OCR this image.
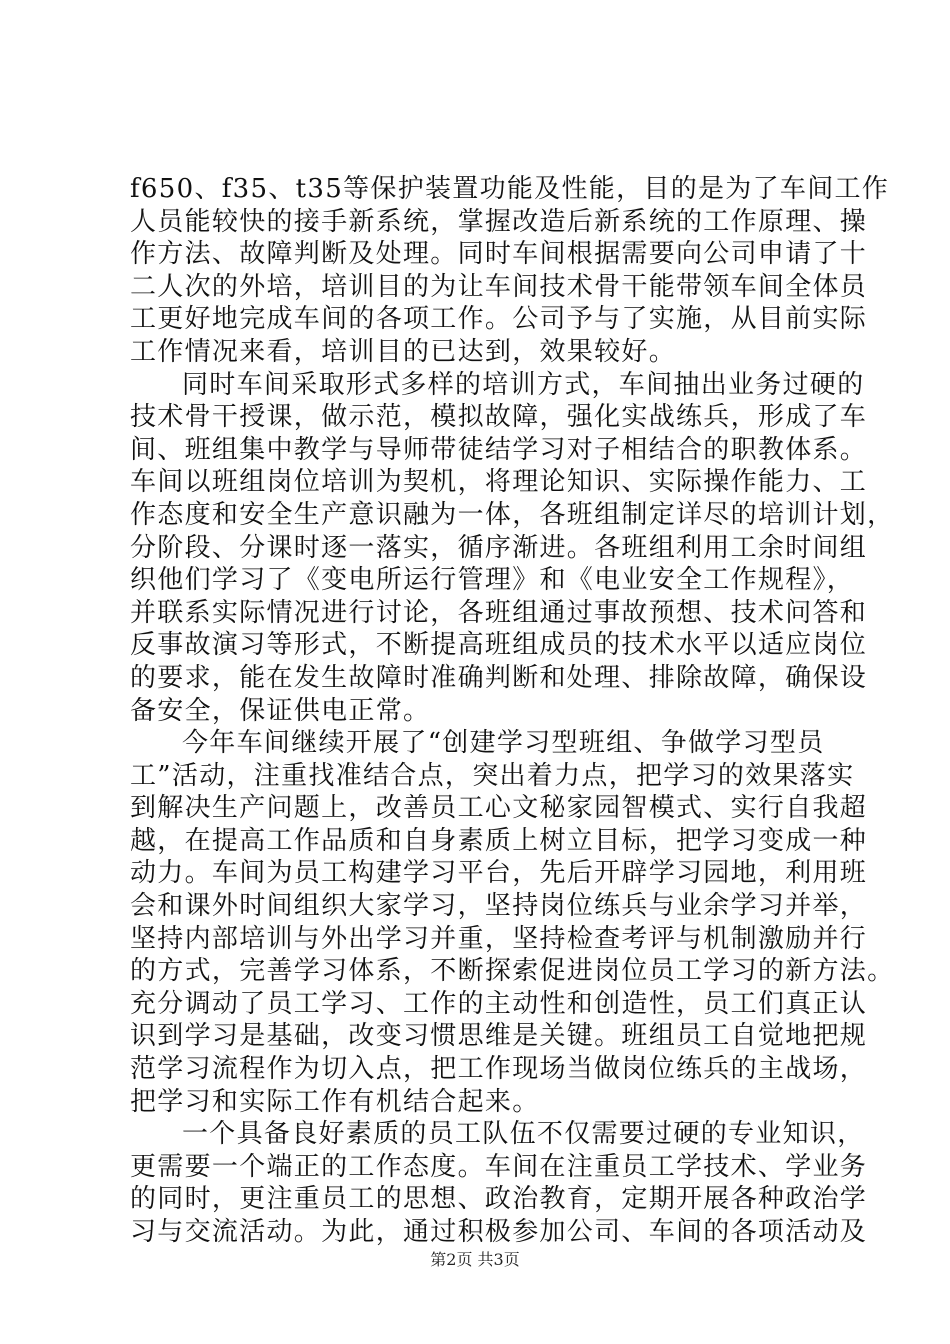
f650、f35、t35等保护装置功能及性能，目的是为了车间工作
人员能较快的接手新系统，掌握改造后新系统的工作原理、操
作方法、故障判断及处理。同时车间根据需要向公司申请了十
二人次的外培，培训目的为让车间技术骨干能带领车间全体员
工更好地完成车间的各项工作。公司予与了实施，从目前实际
工作情况来看，培训目的已达到，效果较好。
同时车间采取形式多样的培训方式，车间抽出业务过硬的
技术骨干授课，做示范，模拟故障，强化实战练兵，形成了车
间、班组集中教学与导师带徒结学习对子相结合的职教体系。
车间以班组岗位培训为契机，将理论知识、实际操作能力、工
作态度和安全生产意识融为一体，各班组制定详尽的培训计划，
分阶段、分课时逐一落实，循序渐进。各班组利用工余时间组
织他们学习了《变电所运行管理》和《电业安全工作规程》，
并联系实际情况进行讨论，各班组通过事故预想、技术问答和
反事故演习等形式，不断提高班组成员的技术水平以适应岗位
的要求，能在发生故障时准确判断和处理、排除故障，确保设
备安全，保证供电正常。
今年车间继续开展了“创建学习型班组、争做学习型员
工”活动，注重找准结合点，突出着力点，把学习的效果落实
到解决生产问题上，改善员工心文秘家园智模式、实行自我超
越，在提高工作品质和自身素质上树立目标，把学习变成一种
动力。车间为员工构建学习平台，先后开辟学习园地，利用班
会和课外时间组织大家学习，坚持岗位练兵与业余学习并举，
坚持内部培训与外出学习并重，坚持检查考评与机制激励并行
的方式，完善学习体系，不断探索促进岗位员工学习的新方法。
充分调动了员工学习、工作的主动性和创造性，员工们真正认
识到学习是基础，改变习惯思维是关键。班组员工自觉地把规
范学习流程作为切入点，把工作现场当做岗位练兵的主战场，
把学习和实际工作有机结合起来。
一个具备良好素质的员工队伍不仅需要过硬的专业知识，
更需要一个端正的工作态度。车间在注重员工学技术、学业务
的同时，更注重员工的思想、政治教育，定期开展各种政治学
习与交流活动。为此，通过积极参加公司、车间的各项活动及
第2页 共3页
